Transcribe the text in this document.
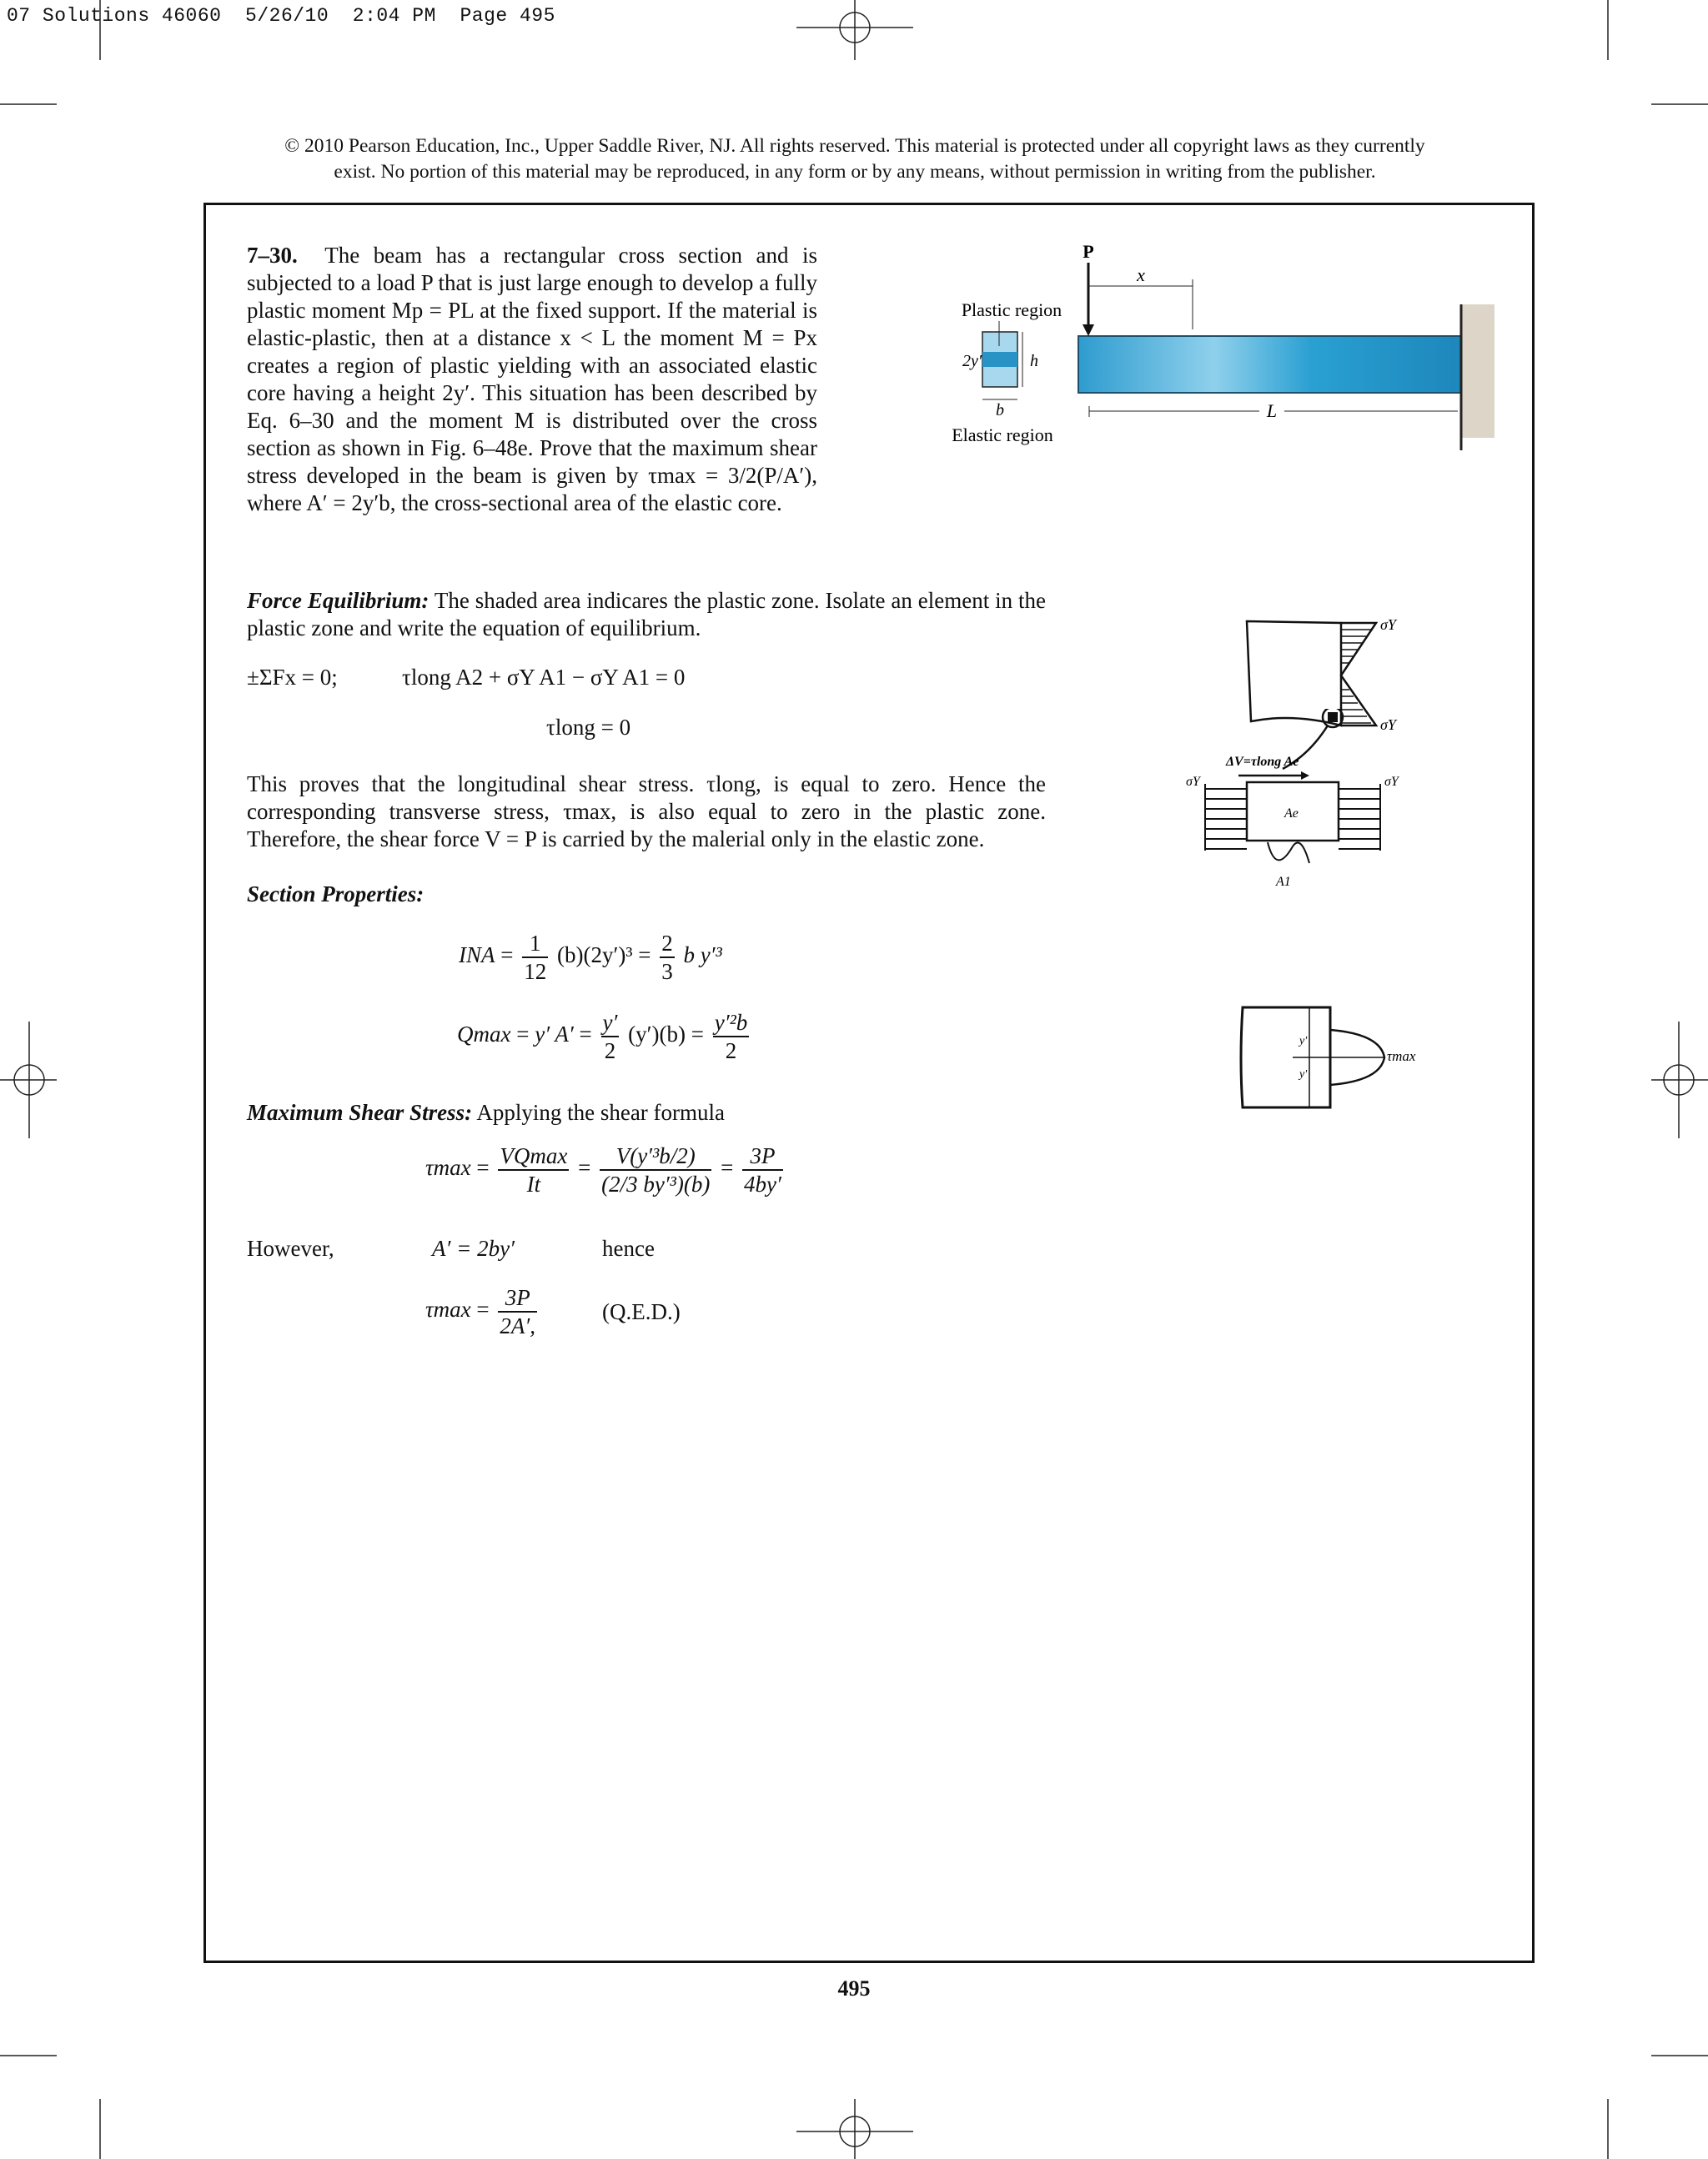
07 Solutions 46060  5/26/10  2:04 PM  Page 495
© 2010 Pearson Education, Inc., Upper Saddle River, NJ. All rights reserved. This material is protected under all copyright laws as they currently
exist. No portion of this material may be reproduced, in any form or by any means, without permission in writing from the publisher.
7–30. The beam has a rectangular cross section and is subjected to a load P that is just large enough to develop a fully plastic moment Mp = PL at the fixed support. If the material is elastic-plastic, then at a distance x < L the moment M = Px creates a region of plastic yielding with an associated elastic core having a height 2y′. This situation has been described by Eq. 6–30 and the moment M is distributed over the cross section as shown in Fig. 6–48e. Prove that the maximum shear stress developed in the beam is given by τmax = 3/2(P/A′), where A′ = 2y′b, the cross-sectional area of the elastic core.
P
x
L
Plastic region
2y′	h
b
Elastic region
Force Equilibrium: The shaded area indicares the plastic zone. Isolate an element in the plastic zone and write the equation of equilibrium.
±ΣFx = 0;	τlong A2 + σY A1 − σY A1 = 0
τlong = 0
This proves that the longitudinal shear stress. τlong, is equal to zero. Hence the corresponding transverse stress, τmax, is also equal to zero in the plastic zone. Therefore, the shear force V = P is carried by the malerial only in the elastic zone.
Section Properties:
INA = $\frac{1}{12} (b)(2y')^3 = \frac{2}{3}$ b y′³
Qmax = y′ $A' = \frac{y'}{2} (y')(b) = \frac{\text{y′²b}}{2}$
Maximum Shear Stress: Applying the shear formula
$\tau\max = \frac{VQmax}{It} = \frac{\text{V(y′³b/2)}}{\text{(2/3 by′³)(b)}} = \frac{3P}{4by'}$
However,	A′ = 2by′	hence
$\tau\max = \frac{3P}{2A',}$	(Q.E.D.)
σY
σY
ΔV=τlong Ae
σY	σY
Ae
A1
y′
y′
τmax
495
